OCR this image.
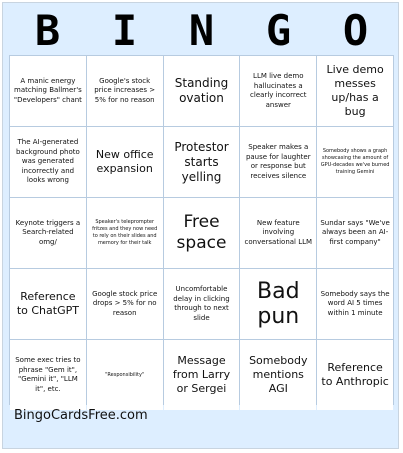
B	I	N	G	O
A manic energy matching Ballmer's "Developers" chant
Google's stock price increases > 5% for no reason
Standing ovation
LLM live demo hallucinates a clearly incorrect answer
Live demo messes up/has a bug
The AI-generated background photo was generated incorrectly and looks wrong
New office expansion
Protestor starts yelling
Speaker makes a pause for laughter or response but receives silence
Somebody shows a graph showcasing the amount of GPU-decades we've burned training Gemini
Keynote triggers a Search-related omg/
Speaker's teleprompter fritzes and they now need to rely on their slides and memory for their talk
Free space
New feature involving conversational LLM
Sundar says "We've always been an AI-first company"
Reference to ChatGPT
Google stock price drops > 5% for no reason
Uncomfortable delay in clicking through to next slide
Bad pun
Somebody says the word AI 5 times within 1 minute
Some exec tries to phrase "Gem it", "Gemini it", "LLM it", etc.
"Responsibility"
Message from Larry or Sergei
Somebody mentions AGI
Reference to Anthropic
BingoCardsFree.com
